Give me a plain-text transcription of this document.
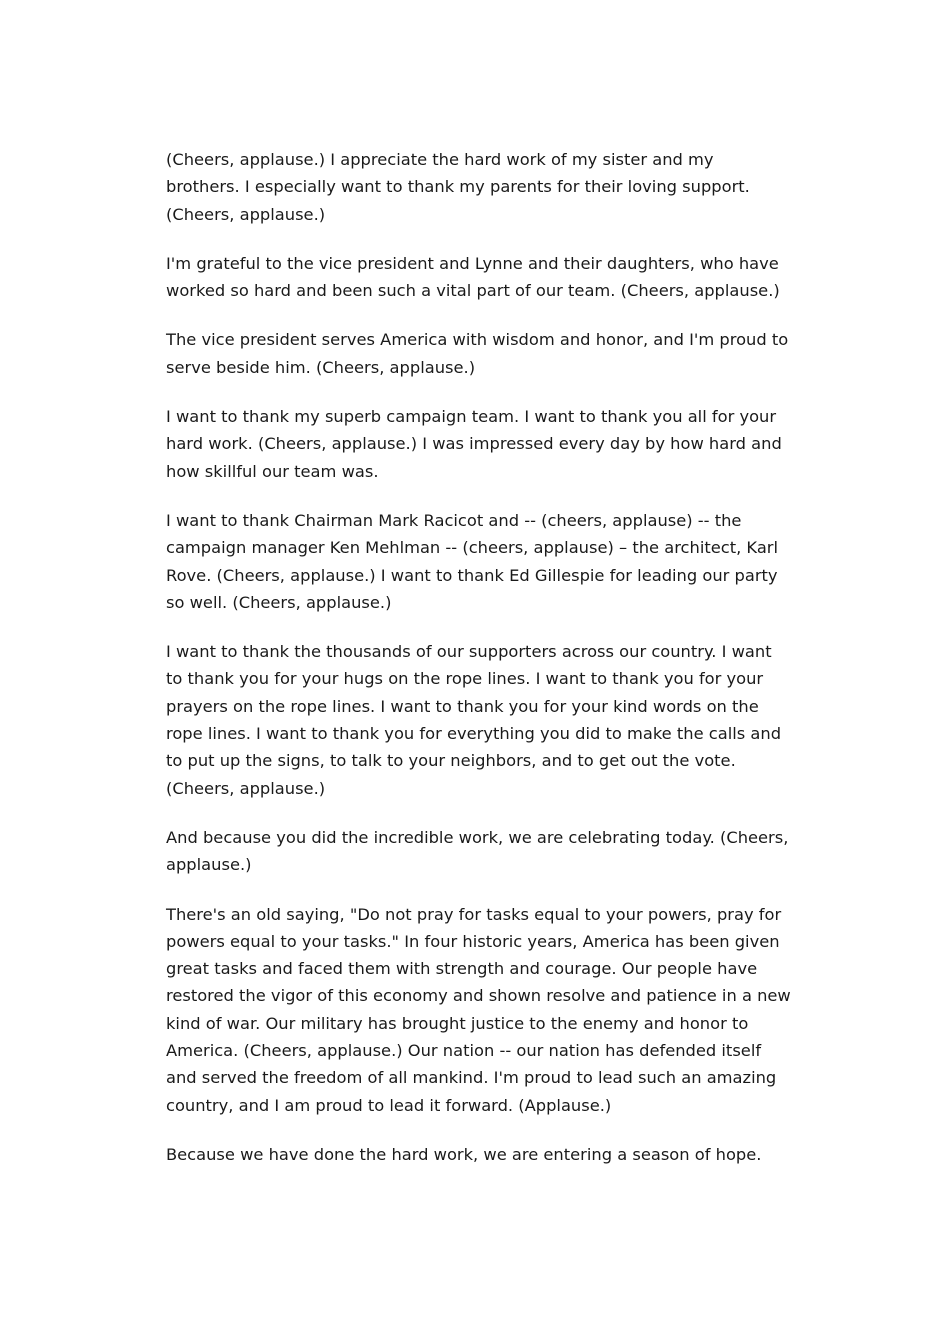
(Cheers, applause.) I appreciate the hard work of my sister and my brothers. I especially want to thank my parents for their loving support. (Cheers, applause.)

I'm grateful to the vice president and Lynne and their daughters, who have worked so hard and been such a vital part of our team. (Cheers, applause.)

The vice president serves America with wisdom and honor, and I'm proud to serve beside him. (Cheers, applause.)

I want to thank my superb campaign team. I want to thank you all for your hard work. (Cheers, applause.) I was impressed every day by how hard and how skillful our team was.

I want to thank Chairman Mark Racicot and -- (cheers, applause) -- the campaign manager Ken Mehlman -- (cheers, applause) – the architect, Karl Rove. (Cheers, applause.) I want to thank Ed Gillespie for leading our party so well. (Cheers, applause.)

I want to thank the thousands of our supporters across our country. I want to thank you for your hugs on the rope lines. I want to thank you for your prayers on the rope lines. I want to thank you for your kind words on the rope lines. I want to thank you for everything you did to make the calls and to put up the signs, to talk to your neighbors, and to get out the vote. (Cheers, applause.)

And because you did the incredible work, we are celebrating today. (Cheers, applause.)

There's an old saying, "Do not pray for tasks equal to your powers, pray for powers equal to your tasks." In four historic years, America has been given great tasks and faced them with strength and courage. Our people have restored the vigor of this economy and shown resolve and patience in a new kind of war. Our military has brought justice to the enemy and honor to America. (Cheers, applause.) Our nation -- our nation has defended itself and served the freedom of all mankind. I'm proud to lead such an amazing country, and I am proud to lead it forward. (Applause.)

Because we have done the hard work, we are entering a season of hope.
